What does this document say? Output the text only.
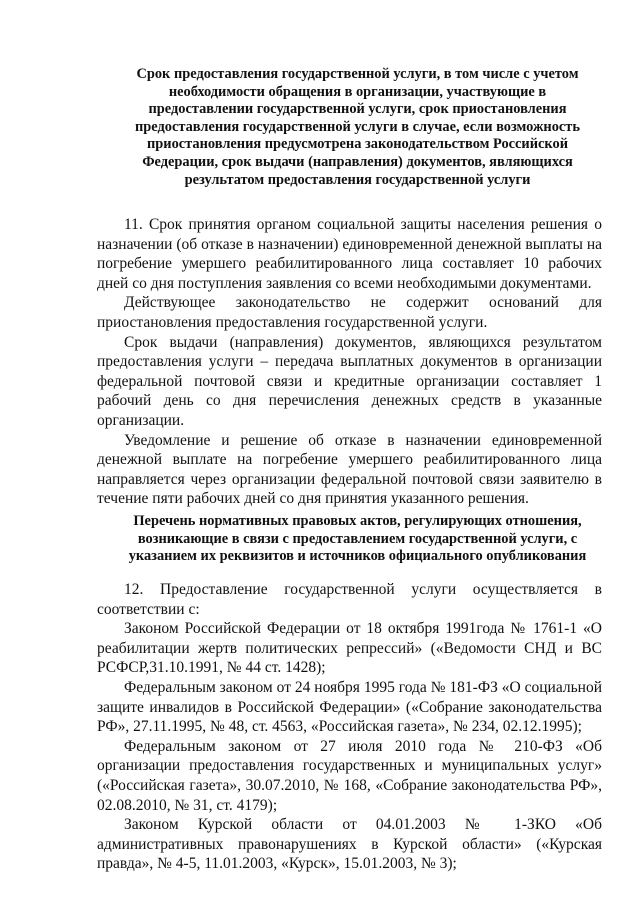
Срок предоставления государственной услуги, в том числе с учетом
необходимости обращения в организации, участвующие в
предоставлении государственной услуги, срок приостановления
предоставления государственной услуги в случае, если возможность
приостановления предусмотрена законодательством Российской
Федерации, срок выдачи (направления) документов, являющихся
результатом предоставления государственной услуги

11. Срок принятия органом социальной защиты населения решения о назначении (об отказе в назначении) единовременной денежной выплаты на погребение умершего реабилитированного лица составляет 10 рабочих дней со дня поступления заявления со всеми необходимыми документами.

Действующее законодательство не содержит оснований для приостановления предоставления государственной услуги.

Срок выдачи (направления) документов, являющихся результатом предоставления услуги – передача выплатных документов в организации федеральной почтовой связи и кредитные организации составляет 1 рабочий день со дня перечисления денежных средств в указанные организации.

Уведомление и решение об отказе в назначении единовременной денежной выплате на погребение умершего реабилитированного лица направляется через организации федеральной почтовой связи заявителю в течение пяти рабочих дней со дня принятия указанного решения.

Перечень нормативных правовых актов, регулирующих отношения,
возникающие в связи с предоставлением государственной услуги, с
указанием их реквизитов и источников официального опубликования

12. Предоставление государственной услуги осуществляется в соответствии с:

Законом Российской Федерации от 18 октября 1991года № 1761-1 «О реабилитации жертв политических репрессий» («Ведомости СНД и ВС РСФСР,31.10.1991, № 44 ст. 1428);

Федеральным законом от 24 ноября 1995 года № 181-ФЗ «О социальной защите инвалидов в Российской Федерации» («Собрание законодательства РФ», 27.11.1995, № 48, ст. 4563, «Российская газета», № 234, 02.12.1995);

Федеральным законом от 27 июля 2010 года № 210-ФЗ «Об организации предоставления государственных и муниципальных услуг» («Российская газета», 30.07.2010, № 168, «Собрание законодательства РФ», 02.08.2010, № 31, ст. 4179);

Законом Курской области от 04.01.2003 № 1-ЗКО «Об административных правонарушениях в Курской области» («Курская правда», № 4-5, 11.01.2003, «Курск», 15.01.2003, № 3);
